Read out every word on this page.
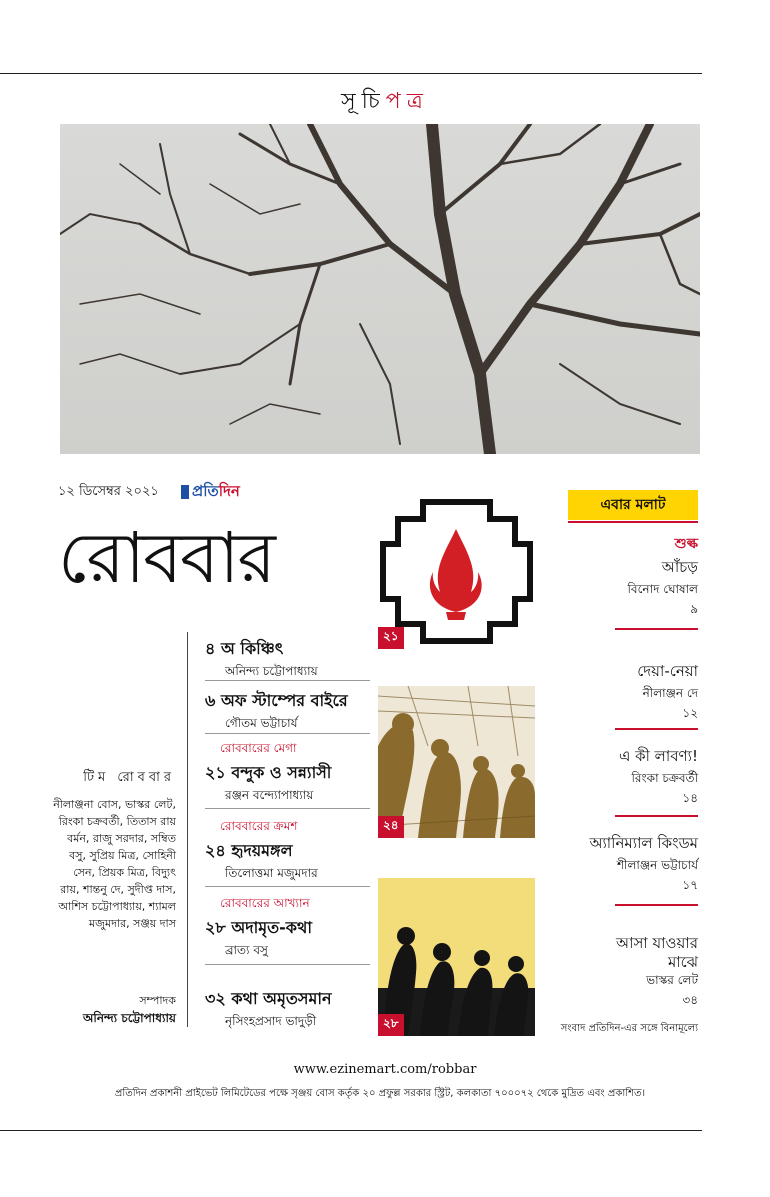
সূচিপত্র
১২ ডিসেম্বর ২০২১ প্রতিদিন
রোববার
৪ অ কিঞ্চিৎ
অনিন্দ্য চট্টোপাধ্যায়
৬ অফ স্টাম্পের বাইরে
গৌতম ভট্টাচার্য
রোববারের মেগা
২১ বন্দুক ও সন্ন্যাসী
রঞ্জন বন্দ্যোপাধ্যায়
রোববারের ক্রমশ
২৪ হৃদয়মঙ্গল
তিলোত্তমা মজুমদার
রোববারের আখ্যান
২৮ অদামৃত-কথা
ব্রাত্য বসু
৩২ কথা অমৃতসমান
নৃসিংহপ্রসাদ ভাদুড়ী
টিম রোববার
নীলাঞ্জনা বোস, ভাস্কর লেট, রিংকা চক্রবর্তী, তিতাস রায় বর্মন, রাজু সরদার, সম্বিত বসু, সুপ্রিয় মিত্র, সোহিনী সেন, প্রিয়ক মিত্র, বিদ্যুৎ রায়, শান্তনু দে, সুদীপ্ত দাস, আশিস চট্টোপাধ্যায়, শ্যামল মজুমদার, সঞ্জয় দাস
সম্পাদক
অনিন্দ্য চট্টোপাধ্যায়
২১
২৪
২৮
এবার মলাট
শুল্ক
আঁচড়
বিনোদ ঘোষাল
৯
দেয়া-নেয়া
নীলাঞ্জন দে
১২
এ কী লাবণ্য!
রিংকা চক্রবর্তী
১৪
অ্যানিম্যাল কিংডম
শীলাঞ্জন ভট্টাচার্য
১৭
আসা যাওয়ার মাঝে
ভাস্কর লেট
৩৪
সংবাদ প্রতিদিন-এর সঙ্গে বিনামূল্যে
www.ezinemart.com/robbar
প্রতিদিন প্রকাশনী প্রাইভেট লিমিটেডের পক্ষে সৃঞ্জয় বোস কর্তৃক ২০ প্রফুল্ল সরকার স্ট্রিট, কলকাতা ৭০০০৭২ থেকে মুদ্রিত এবং প্রকাশিত।
